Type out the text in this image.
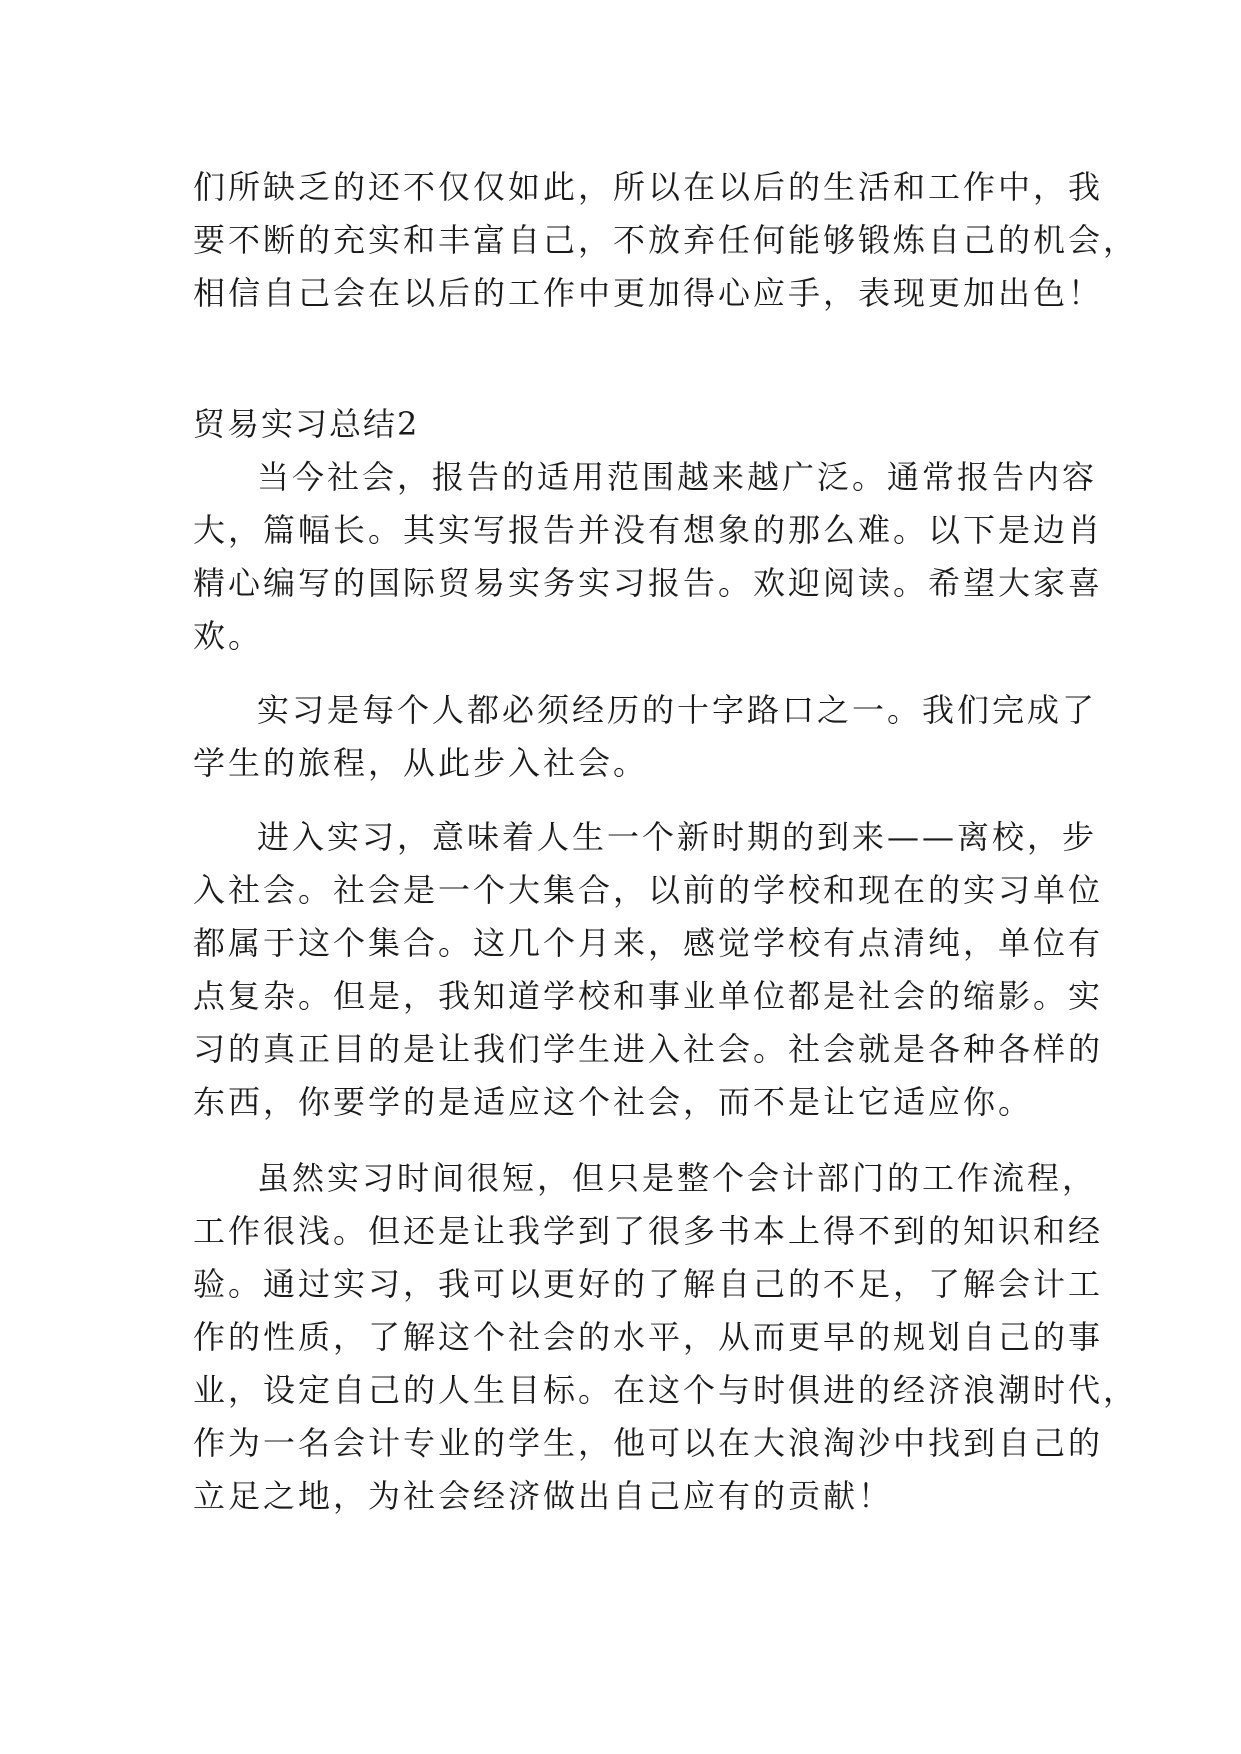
们所缺乏的还不仅仅如此，所以在以后的生活和工作中，我
要不断的充实和丰富自己，不放弃任何能够锻炼自己的机会，
相信自己会在以后的工作中更加得心应手，表现更加出色！
贸易实习总结2
当今社会，报告的适用范围越来越广泛。通常报告内容
大，篇幅长。其实写报告并没有想象的那么难。以下是边肖
精心编写的国际贸易实务实习报告。欢迎阅读。希望大家喜
欢。
实习是每个人都必须经历的十字路口之一。我们完成了
学生的旅程，从此步入社会。
进入实习，意味着人生一个新时期的到来——离校，步
入社会。社会是一个大集合，以前的学校和现在的实习单位
都属于这个集合。这几个月来，感觉学校有点清纯，单位有
点复杂。但是，我知道学校和事业单位都是社会的缩影。实
习的真正目的是让我们学生进入社会。社会就是各种各样的
东西，你要学的是适应这个社会，而不是让它适应你。
虽然实习时间很短，但只是整个会计部门的工作流程，
工作很浅。但还是让我学到了很多书本上得不到的知识和经
验。通过实习，我可以更好的了解自己的不足，了解会计工
作的性质，了解这个社会的水平，从而更早的规划自己的事
业，设定自己的人生目标。在这个与时俱进的经济浪潮时代，
作为一名会计专业的学生，他可以在大浪淘沙中找到自己的
立足之地，为社会经济做出自己应有的贡献！
